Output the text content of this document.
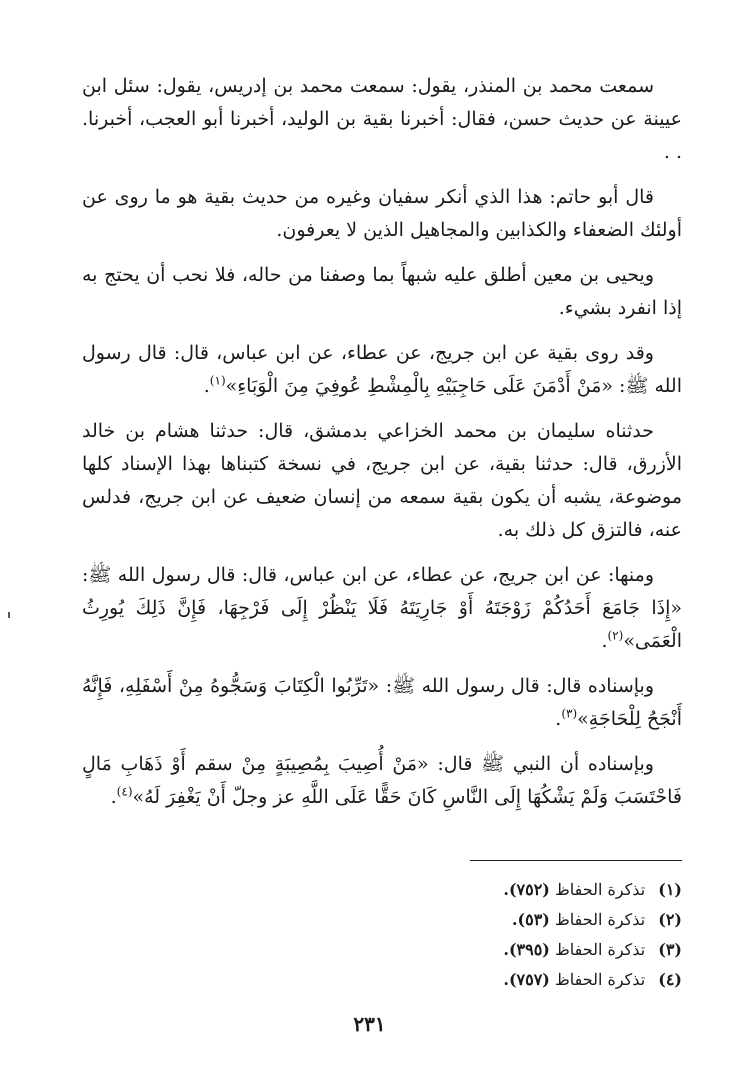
سمعت محمد بن المنذر، يقول: سمعت محمد بن إدريس، يقول: سئل ابن عيينة عن حديث حسن، فقال: أخبرنا بقية بن الوليد، أخبرنا أبو العجب، أخبرنا. . .

قال أبو حاتم: هذا الذي أنكر سفيان وغيره من حديث بقية هو ما روى عن أولئك الضعفاء والكذابين والمجاهيل الذين لا يعرفون.

ويحيى بن معين أطلق عليه شبهاً بما وصفنا من حاله، فلا نحب أن يحتج به إذا انفرد بشيء.

وقد روى بقية عن ابن جريج، عن عطاء، عن ابن عباس، قال: قال رسول الله ﷺ: «مَنْ أَدْمَنَ عَلَى حَاجِبَيْهِ بِالْمِشْطِ عُوفِيَ مِنَ الْوَبَاءِ»$^{(١)}$.

حدثناه سليمان بن محمد الخزاعي بدمشق، قال: حدثنا هشام بن خالد الأزرق، قال: حدثنا بقية، عن ابن جريج، في نسخة كتبناها بهذا الإسناد كلها موضوعة، يشبه أن يكون بقية سمعه من إنسان ضعيف عن ابن جريج، فدلس عنه، فالتزق كل ذلك به.

ومنها: عن ابن جريج، عن عطاء، عن ابن عباس، قال: قال رسول الله ﷺ: «إِذَا جَامَعَ أَحَدُكُمْ زَوْجَتَهُ أَوْ جَارِيَتَهُ فَلَا يَنْظُرْ إِلَى فَرْجِهَا، فَإِنَّ ذَلِكَ يُورِثُ الْعَمَى»$^{(٢)}$.

وبإسناده قال: قال رسول الله ﷺ: «تَرِّبُوا الْكِتَابَ وَسَجُّوهُ مِنْ أَسْفَلِهِ، فَإِنَّهُ أَنْجَحُ لِلْحَاجَةِ»$^{(٣)}$.

وبإسناده أن النبي ﷺ قال: «مَنْ أُصِيبَ بِمُصِيبَةٍ مِنْ سقم أَوْ ذَهَابِ مَالٍ فَاحْتَسَبَ وَلَمْ يَشْكُهَا إِلَى النَّاسِ كَانَ حَقًّا عَلَى اللَّهِ عز وجلّ أَنْ يَغْفِرَ لَهُ»$^{(٤)}$.

(١) تذكرة الحفاظ (٧٥٢).
(٢) تذكرة الحفاظ (٥٣).
(٣) تذكرة الحفاظ (٣٩٥).
(٤) تذكرة الحفاظ (٧٥٧).
٢٣١
